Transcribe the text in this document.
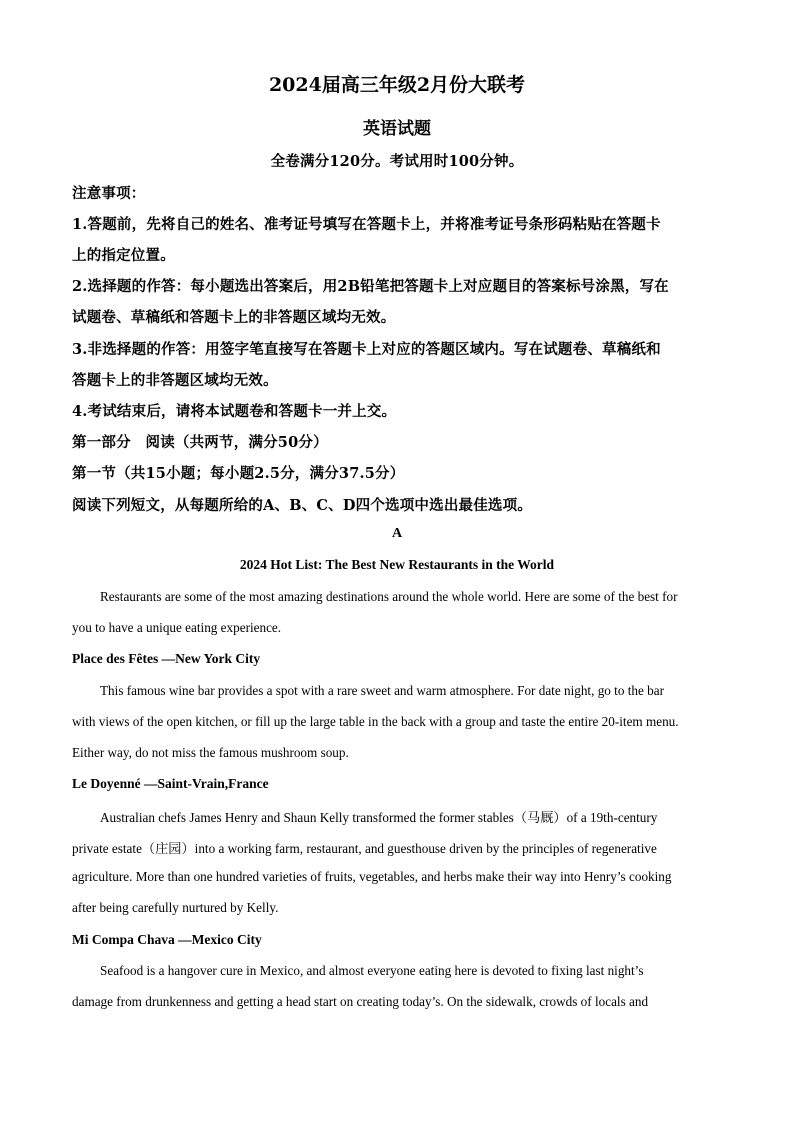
2024届高三年级2月份大联考
英语试题
全卷满分120分。考试用时100分钟。
注意事项：
1.答题前，先将自己的姓名、准考证号填写在答题卡上，并将准考证号条形码粘贴在答题卡
上的指定位置。
2.选择题的作答：每小题选出答案后，用2B铅笔把答题卡上对应题目的答案标号涂黑，写在
试题卷、草稿纸和答题卡上的非答题区域均无效。
3.非选择题的作答：用签字笔直接写在答题卡上对应的答题区域内。写在试题卷、草稿纸和
答题卡上的非答题区域均无效。
4.考试结束后，请将本试题卷和答题卡一并上交。
第一部分　阅读（共两节，满分50分）
第一节（共15小题；每小题2.5分，满分37.5分）
阅读下列短文，从每题所给的A、B、C、D四个选项中选出最佳选项。
A
2024 Hot List: The Best New Restaurants in the World
Restaurants are some of the most amazing destinations around the whole world. Here are some of the best for
you to have a unique eating experience.
Place des Fêtes —New York City
This famous wine bar provides a spot with a rare sweet and warm atmosphere. For date night, go to the bar
with views of the open kitchen, or fill up the large table in the back with a group and taste the entire 20-item menu.
Either way, do not miss the famous mushroom soup.
Le Doyenné —Saint-Vrain,France
Australian chefs James Henry and Shaun Kelly transformed the former stables（马厩）of a 19th-century
private estate（庄园）into a working farm, restaurant, and guesthouse driven by the principles of regenerative
agriculture. More than one hundred varieties of fruits, vegetables, and herbs make their way into Henry’s cooking
after being carefully nurtured by Kelly.
Mi Compa Chava —Mexico City
Seafood is a hangover cure in Mexico, and almost everyone eating here is devoted to fixing last night’s
damage from drunkenness and getting a head start on creating today’s. On the sidewalk, crowds of locals and
